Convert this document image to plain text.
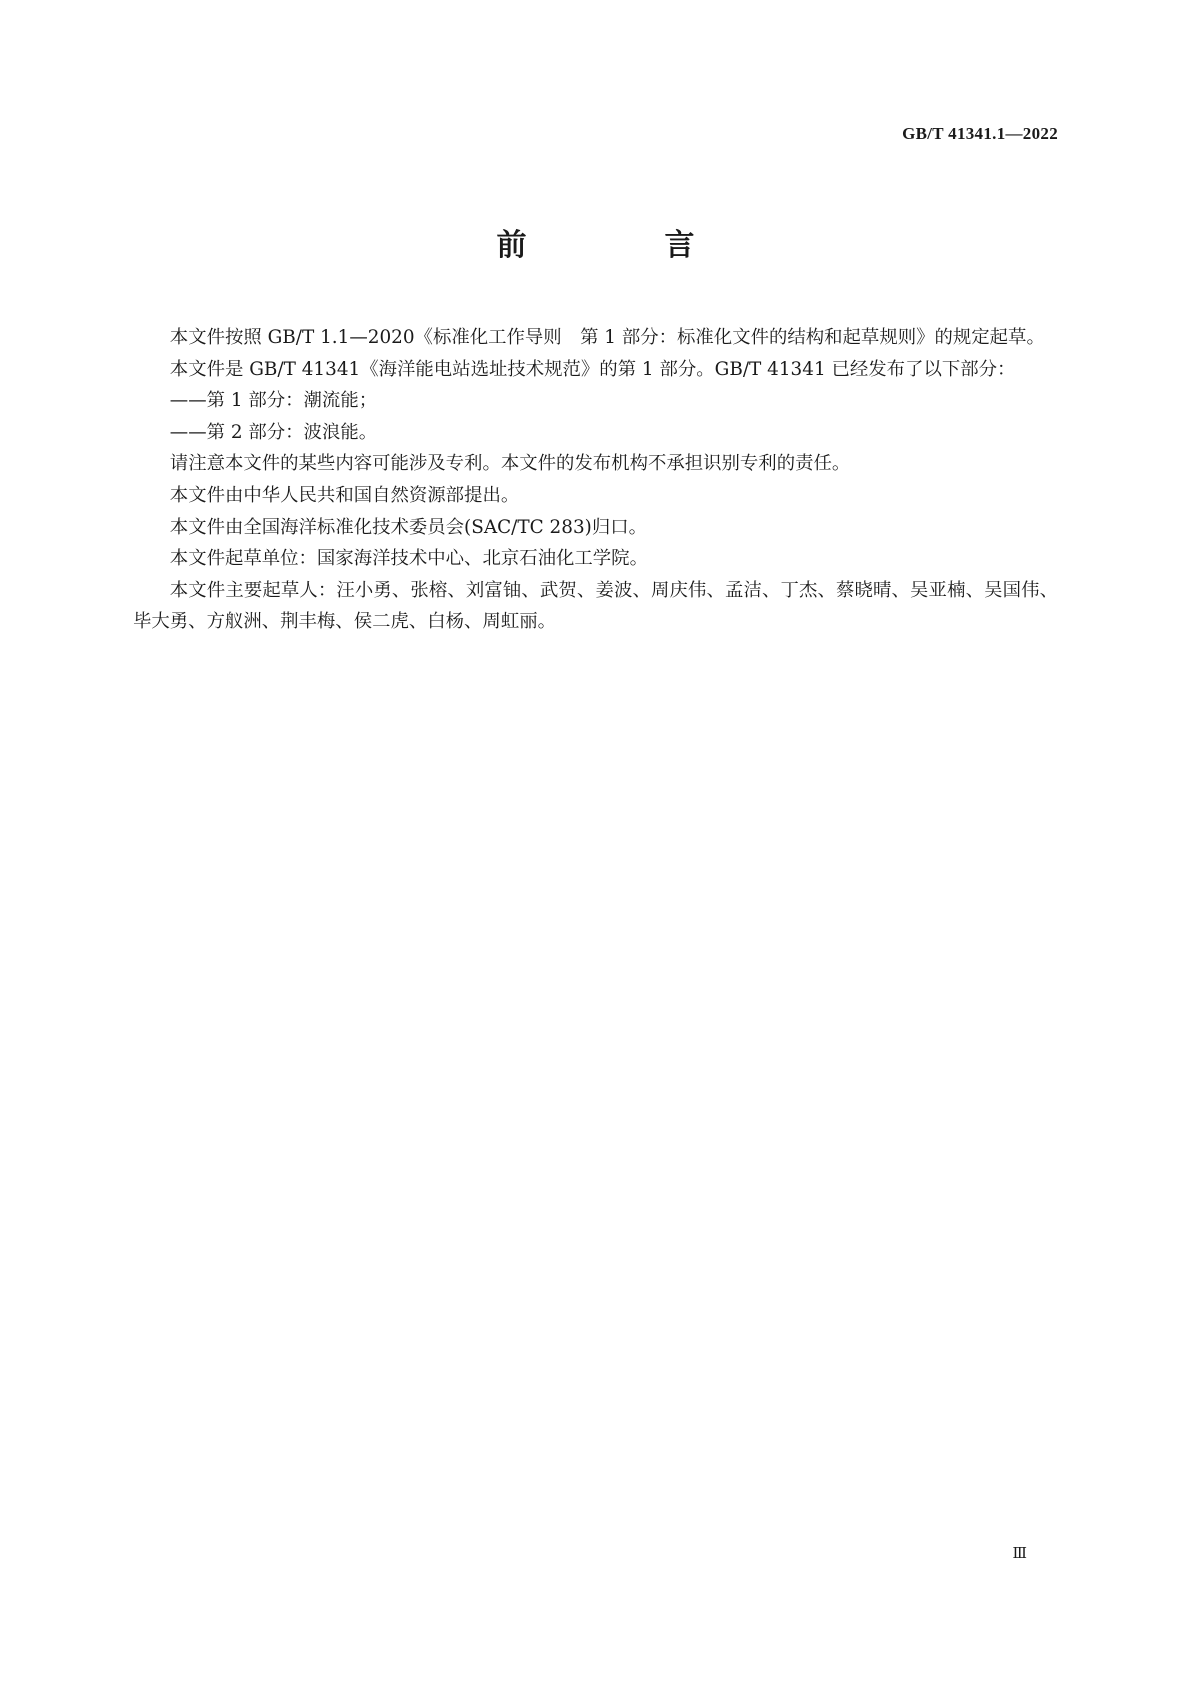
GB/T 41341.1—2022
前　言

本文件按照 GB/T 1.1—2020《标准化工作导则　第 1 部分：标准化文件的结构和起草规则》的规定起草。

本文件是 GB/T 41341《海洋能电站选址技术规范》的第 1 部分。GB/T 41341 已经发布了以下部分：

——第 1 部分：潮流能；

——第 2 部分：波浪能。

请注意本文件的某些内容可能涉及专利。本文件的发布机构不承担识别专利的责任。

本文件由中华人民共和国自然资源部提出。

本文件由全国海洋标准化技术委员会(SAC/TC 283)归口。

本文件起草单位：国家海洋技术中心、北京石油化工学院。

本文件主要起草人：汪小勇、张榕、刘富铀、武贺、姜波、周庆伟、孟洁、丁杰、蔡晓晴、吴亚楠、吴国伟、毕大勇、方舣洲、荆丰梅、侯二虎、白杨、周虹丽。

Ⅲ
